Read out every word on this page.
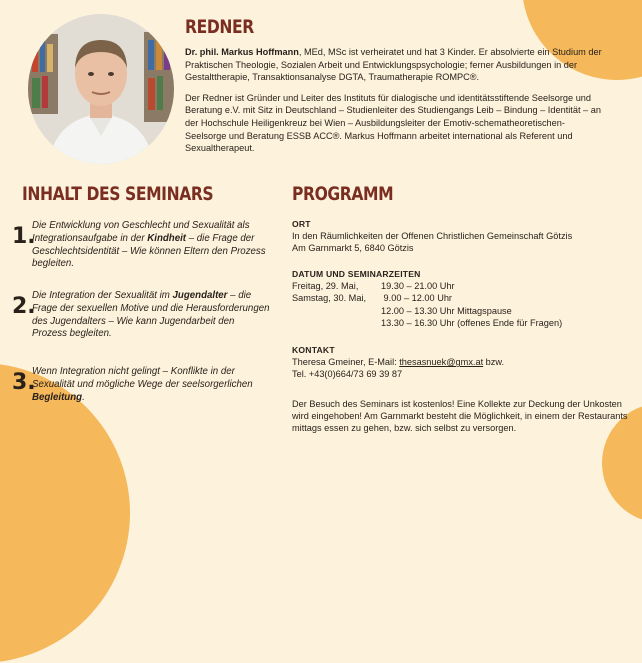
REDNER

Dr. phil. Markus Hoffmann, MEd, MSc ist verheiratet und hat 3 Kinder. Er absolvierte ein Studium der Praktischen Theologie, Sozialen Arbeit und Entwicklungspsychologie; ferner Ausbildungen in der Gestalttherapie, Transaktionsanalyse DGTA, Traumatherapie ROMPC®.

Der Redner ist Gründer und Leiter des Instituts für dialogische und identitätsstiftende Seelsorge und Beratung e.V. mit Sitz in Deutschland – Studienleiter des Studiengangs Leib – Bindung – Identität – an der Hochschule Heiligenkreuz bei Wien – Ausbildungsleiter der Emotiv-schematheoretischen-Seelsorge und Beratung ESSB ACC®. Markus Hoffmann arbeitet international als Referent und Sexualtherapeut.

INHALT DES SEMINARS
1.
Die Entwicklung von Geschlecht und Sexualität als Integrationsaufgabe in der Kindheit – die Frage der Geschlechtsidentität – Wie können Eltern den Prozess begleiten.
2.
Die Integration der Sexualität im Jugendalter – die Frage der sexuellen Motive und die Herausforderungen des Jugendalters – Wie kann Jugendarbeit den Prozess begleiten.
3.
Wenn Integration nicht gelingt – Konflikte in der Sexualität und mögliche Wege der seelsorgerlichen Begleitung.
PROGRAMM
ORT
In den Räumlichkeiten der Offenen Christlichen Gemeinschaft Götzis
Am Garnmarkt 5, 6840 Götzis
DATUM UND SEMINARZEITEN
Freitag, 29. Mai,	19.30 – 21.00 Uhr
Samstag, 30. Mai,	9.00 – 12.00 Uhr
12.00 – 13.30 Uhr Mittagspause
13.30 – 16.30 Uhr (offenes Ende für Fragen)
KONTAKT
Theresa Gmeiner, E-Mail: thesasnuek@gmx.at bzw.
Tel. +43(0)664/73 69 39 87
Der Besuch des Seminars ist kostenlos! Eine Kollekte zur Deckung der Unkosten wird eingehoben! Am Garnmarkt besteht die Möglichkeit, in einem der Restaurants mittags essen zu gehen, bzw. sich selbst zu versorgen.
